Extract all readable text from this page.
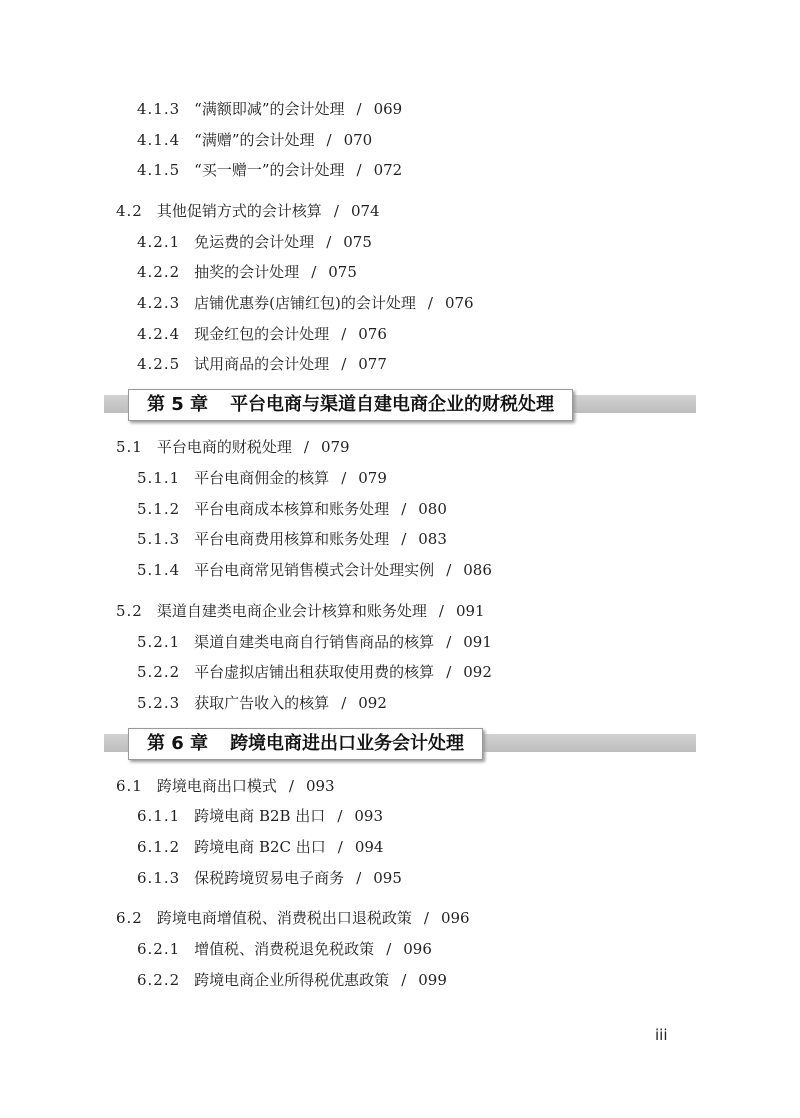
4.1.3 “满额即减”的会计处理 / 069
4.1.4 “满赠”的会计处理 / 070
4.1.5 “买一赠一”的会计处理 / 072
4.2 其他促销方式的会计核算 / 074
4.2.1 免运费的会计处理 / 075
4.2.2 抽奖的会计处理 / 075
4.2.3 店铺优惠券(店铺红包)的会计处理 / 076
4.2.4 现金红包的会计处理 / 076
4.2.5 试用商品的会计处理 / 077
第 5 章 平台电商与渠道自建电商企业的财税处理
5.1 平台电商的财税处理 / 079
5.1.1 平台电商佣金的核算 / 079
5.1.2 平台电商成本核算和账务处理 / 080
5.1.3 平台电商费用核算和账务处理 / 083
5.1.4 平台电商常见销售模式会计处理实例 / 086
5.2 渠道自建类电商企业会计核算和账务处理 / 091
5.2.1 渠道自建类电商自行销售商品的核算 / 091
5.2.2 平台虚拟店铺出租获取使用费的核算 / 092
5.2.3 获取广告收入的核算 / 092
第 6 章 跨境电商进出口业务会计处理
6.1 跨境电商出口模式 / 093
6.1.1 跨境电商 B2B 出口 / 093
6.1.2 跨境电商 B2C 出口 / 094
6.1.3 保税跨境贸易电子商务 / 095
6.2 跨境电商增值税、消费税出口退税政策 / 096
6.2.1 增值税、消费税退免税政策 / 096
6.2.2 跨境电商企业所得税优惠政策 / 099
iii
